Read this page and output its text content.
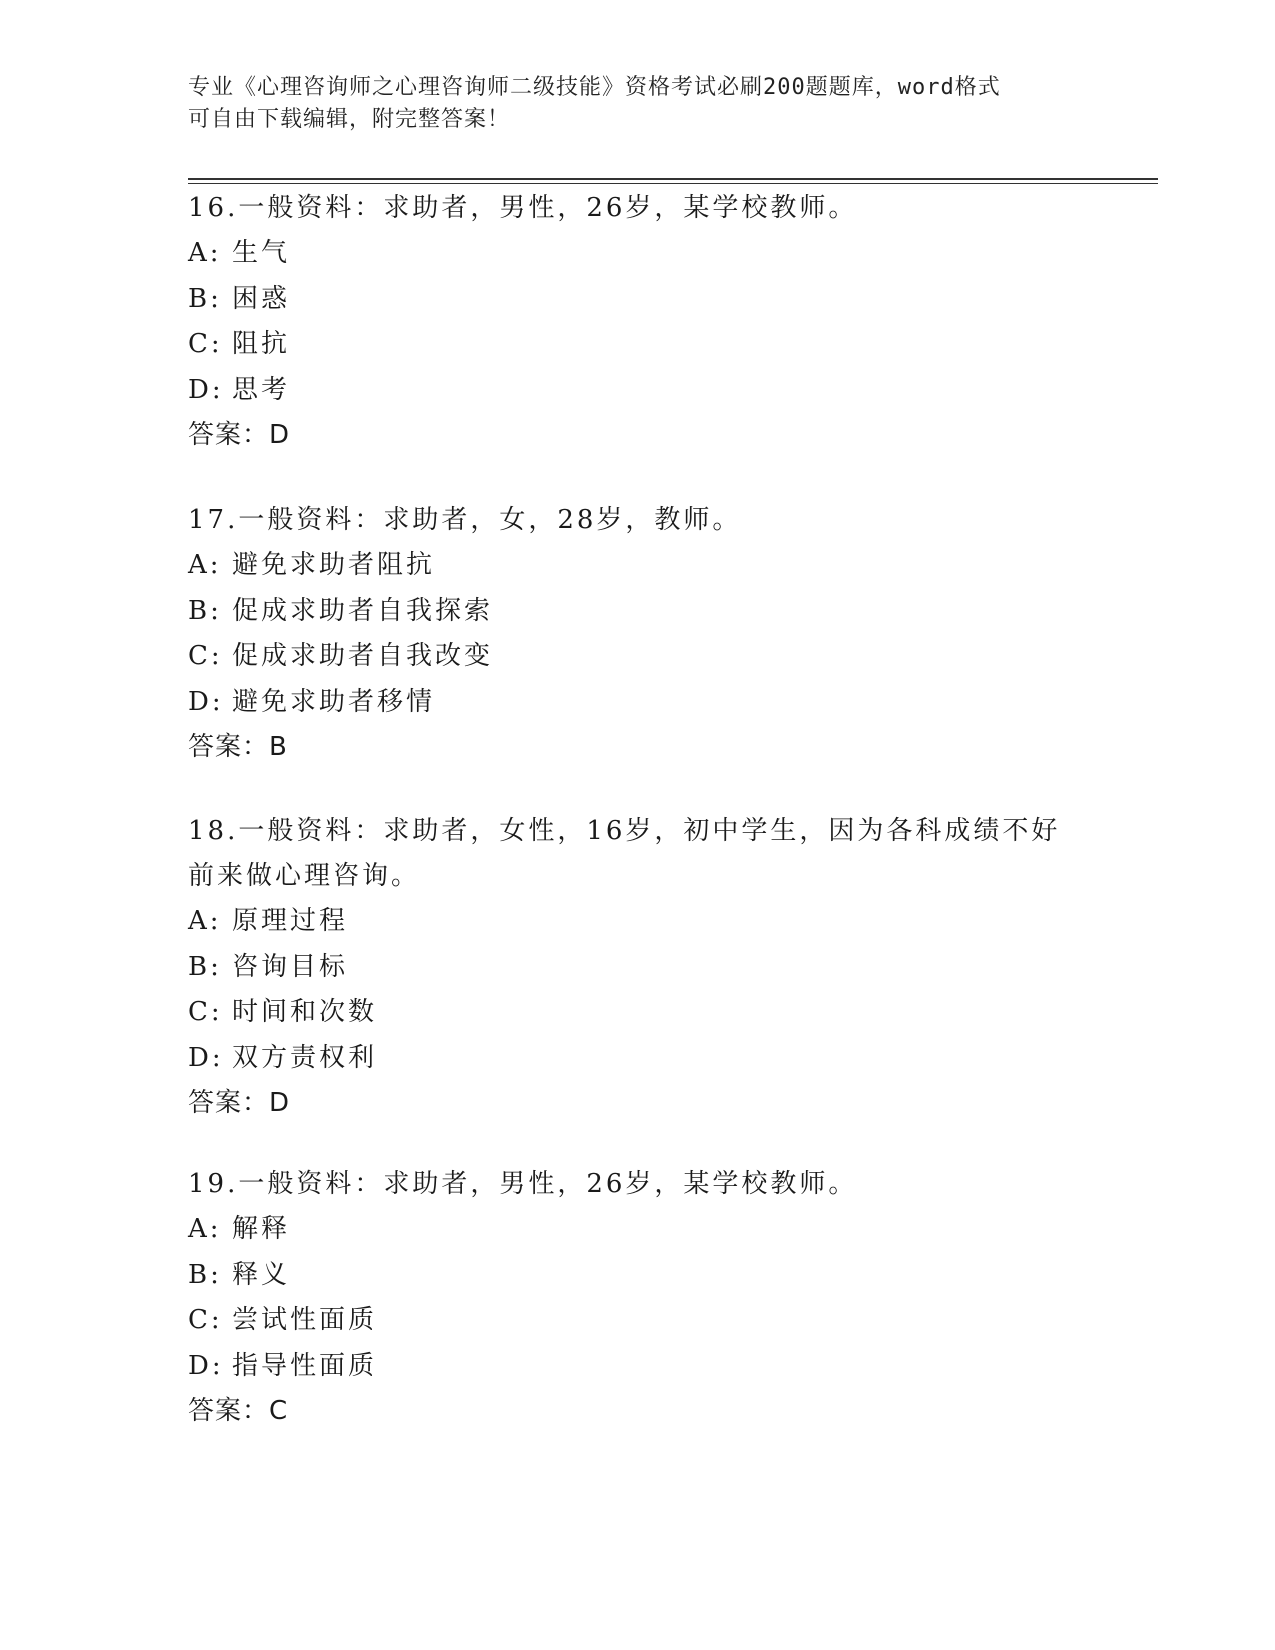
专业《心理咨询师之心理咨询师二级技能》资格考试必刷200题题库，word格式
可自由下载编辑，附完整答案！
16.一般资料：求助者，男性，26岁，某学校教师。
A: 生气
B: 困惑
C: 阻抗
D: 思考
答案：D
17.一般资料：求助者，女，28岁，教师。
A: 避免求助者阻抗
B: 促成求助者自我探索
C: 促成求助者自我改变
D: 避免求助者移情
答案：B
18.一般资料：求助者，女性，16岁，初中学生，因为各科成绩不好前来做心理咨询。
A: 原理过程
B: 咨询目标
C: 时间和次数
D: 双方责权利
答案：D
19.一般资料：求助者，男性，26岁，某学校教师。
A: 解释
B: 释义
C: 尝试性面质
D: 指导性面质
答案：C
